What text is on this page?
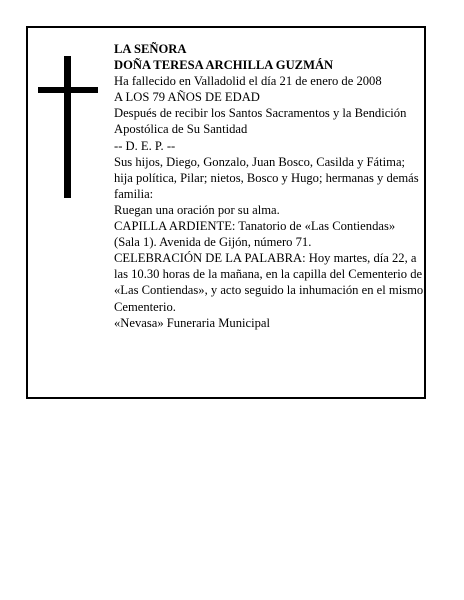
LA SEÑORA

DOÑA TERESA ARCHILLA GUZMÁN

Ha fallecido en Valladolid el día 21 de enero de 2008

A LOS 79 AÑOS DE EDAD

Después de recibir los Santos Sacramentos y la Bendición Apostólica de Su Santidad

-- D. E. P. --

Sus hijos, Diego, Gonzalo, Juan Bosco, Casilda y Fátima; hija política, Pilar; nietos, Bosco y Hugo; hermanas y demás familia:

Ruegan una oración por su alma.

CAPILLA ARDIENTE: Tanatorio de «Las Contiendas» (Sala 1). Avenida de Gijón, número 71.

CELEBRACIÓN DE LA PALABRA: Hoy martes, día 22, a las 10.30 horas de la mañana, en la capilla del Cementerio de «Las Contiendas», y acto seguido la inhumación en el mismo Cementerio.

«Nevasa» Funeraria Municipal
